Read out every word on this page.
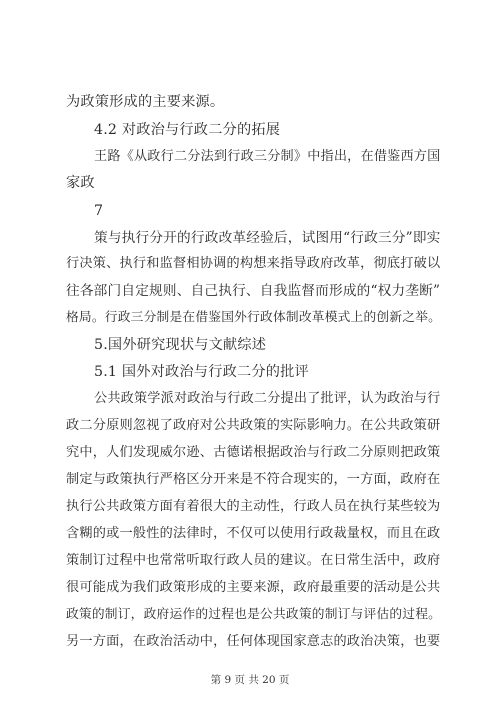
为政策形成的主要来源。
4.2 对政治与行政二分的拓展
王路《从政行二分法到行政三分制》中指出，在借鉴西方国
家政
7
策与执行分开的行政改革经验后，试图用“行政三分”即实
行决策、执行和监督相协调的构想来指导政府改革，彻底打破以
往各部门自定规则、自己执行、自我监督而形成的“权力垄断”
格局。行政三分制是在借鉴国外行政体制改革模式上的创新之举。
5.国外研究现状与文献综述
5.1 国外对政治与行政二分的批评
公共政策学派对政治与行政二分提出了批评，认为政治与行
政二分原则忽视了政府对公共政策的实际影响力。在公共政策研
究中，人们发现威尔逊、古德诺根据政治与行政二分原则把政策
制定与政策执行严格区分开来是不符合现实的，一方面，政府在
执行公共政策方面有着很大的主动性，行政人员在执行某些较为
含糊的或一般性的法律时，不仅可以使用行政裁量权，而且在政
策制订过程中也常常听取行政人员的建议。在日常生活中，政府
很可能成为我们政策形成的主要来源，政府最重要的活动是公共
政策的制订，政府运作的过程也是公共政策的制订与评估的过程。
另一方面，在政治活动中，任何体现国家意志的政治决策，也要
第 9 页 共 20 页
